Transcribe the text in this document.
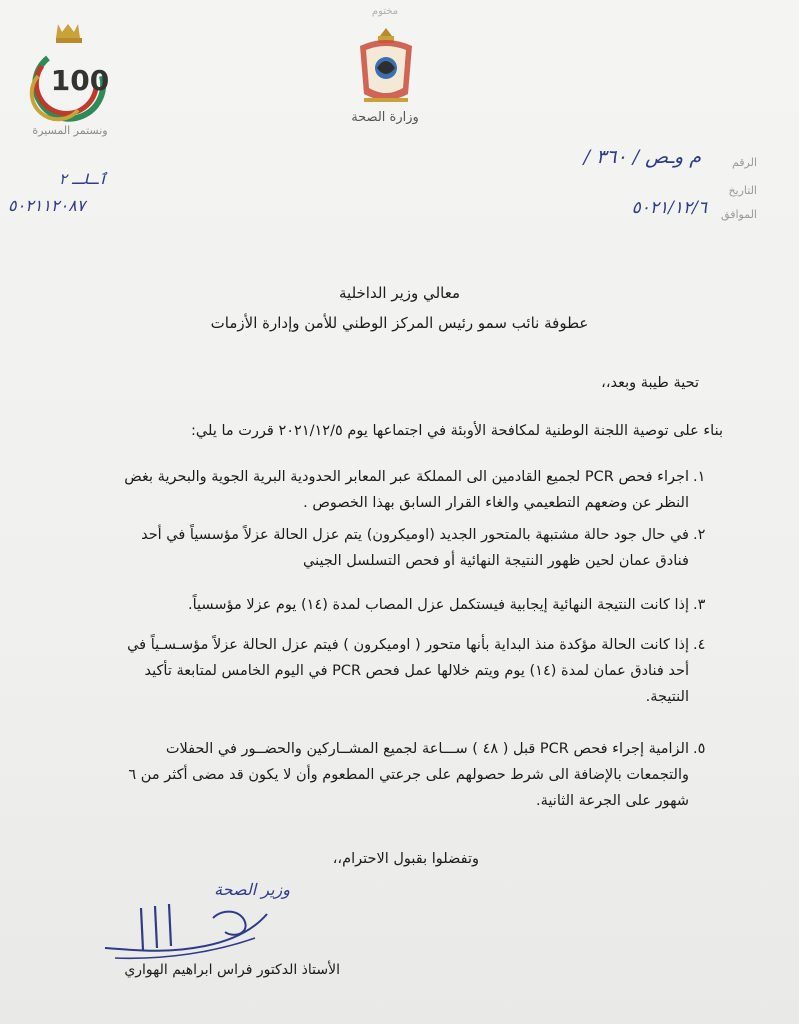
مختوم
وزارة الصحة
100
ونستمر المسيرة
الرقم
م وـص / ٣٦٠ /
التاريخ
الموافق
٥٠٢١/١٢/٦
ٱـلـ ٢
٥٠٢١١٢٠٨٧
معالي وزير الداخلية
عطوفة نائب سمو رئيس المركز الوطني للأمن وإدارة الأزمات
تحية طيبة وبعد،،
بناء على توصية اللجنة الوطنية لمكافحة الأوبئة في اجتماعها يوم ٢٠٢١/١٢/٥ قررت ما يلي:
١.
اجراء فحص PCR لجميع القادمين الى المملكة عبر المعابر الحدودية البرية الجوية والبحرية بغض النظر عن وضعهم التطعيمي والغاء القرار السابق بهذا الخصوص .
٢.
في حال جود حالة مشتبهة بالمتحور الجديد (اوميكرون) يتم عزل الحالة عزلاً مؤسسياً في أحد فنادق عمان لحين ظهور النتيجة النهائية أو فحص التسلسل الجيني
٣.
إذا كانت النتيجة النهائية إيجابية فيستكمل عزل المصاب لمدة (١٤) يوم عزلا مؤسسياً.
٤.
إذا كانت الحالة مؤكدة منذ البداية بأنها متحور ( اوميكرون ) فيتم عزل الحالة عزلاً مؤسـسـياً في أحد فنادق عمان لمدة (١٤) يوم ويتم خلالها عمل فحص PCR في اليوم الخامس لمتابعة تأكيد النتيجة.
٥.
الزامية إجراء فحص PCR قبل ( ٤٨ ) ســـاعة لجميع المشــاركين والحضــور في الحفلات والتجمعات بالإضافة الى شرط حصولهم على جرعتي المطعوم وأن لا يكون قد مضى أكثر من ٦ شهور على الجرعة الثانية.
وتفضلوا بقبول الاحترام،،
وزير الصحة
الأستاذ الدكتور فراس ابراهيم الهواري
